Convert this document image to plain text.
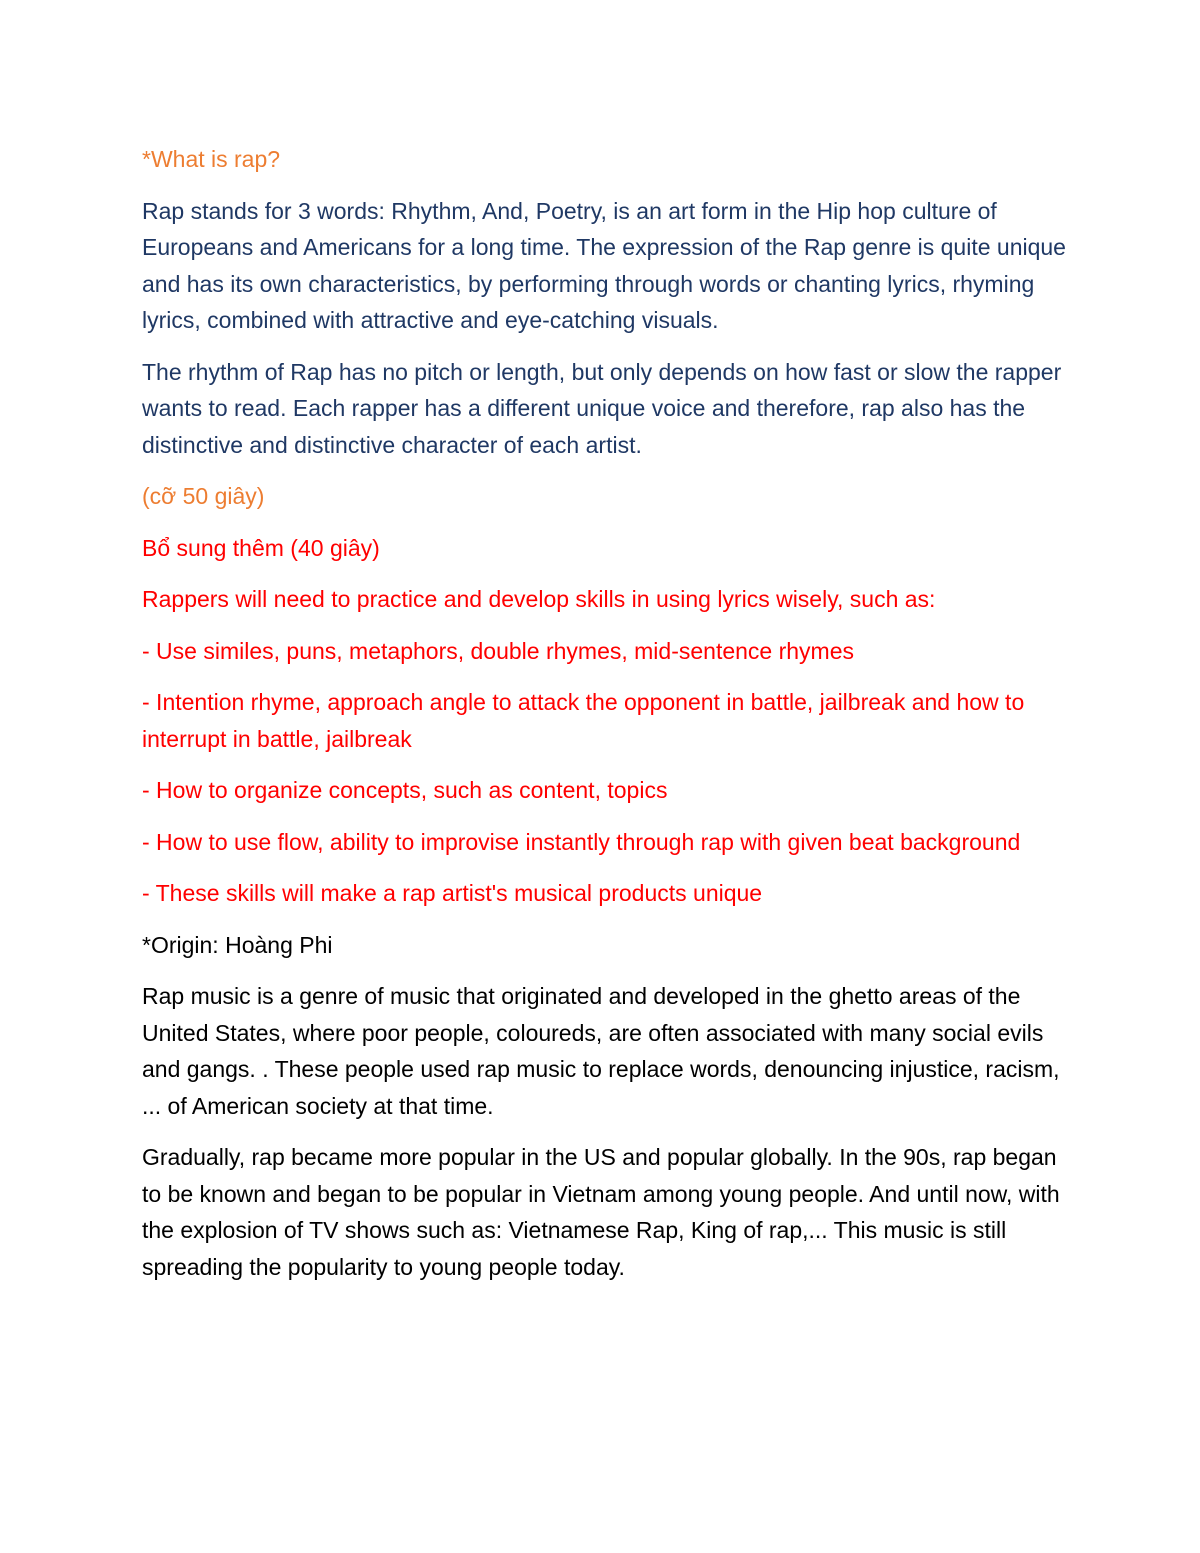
*What is rap?

Rap stands for 3 words: Rhythm, And, Poetry, is an art form in the Hip hop culture of Europeans and Americans for a long time. The expression of the Rap genre is quite unique and has its own characteristics, by performing through words or chanting lyrics, rhyming lyrics, combined with attractive and eye-catching visuals.

The rhythm of Rap has no pitch or length, but only depends on how fast or slow the rapper wants to read. Each rapper has a different unique voice and therefore, rap also has the distinctive and distinctive character of each artist.

(cỡ 50 giây)

Bổ sung thêm (40 giây)

Rappers will need to practice and develop skills in using lyrics wisely, such as:

- Use similes, puns, metaphors, double rhymes, mid-sentence rhymes

- Intention rhyme, approach angle to attack the opponent in battle, jailbreak and how to interrupt in battle, jailbreak

- How to organize concepts, such as content, topics

- How to use flow, ability to improvise instantly through rap with given beat background

- These skills will make a rap artist's musical products unique

*Origin: Hoàng Phi

Rap music is a genre of music that originated and developed in the ghetto areas of the United States, where poor people, coloureds, are often associated with many social evils and gangs. . These people used rap music to replace words, denouncing injustice, racism, ... of American society at that time.

Gradually, rap became more popular in the US and popular globally. In the 90s, rap began to be known and began to be popular in Vietnam among young people. And until now, with the explosion of TV shows such as: Vietnamese Rap, King of rap,... This music is still spreading the popularity to young people today.
